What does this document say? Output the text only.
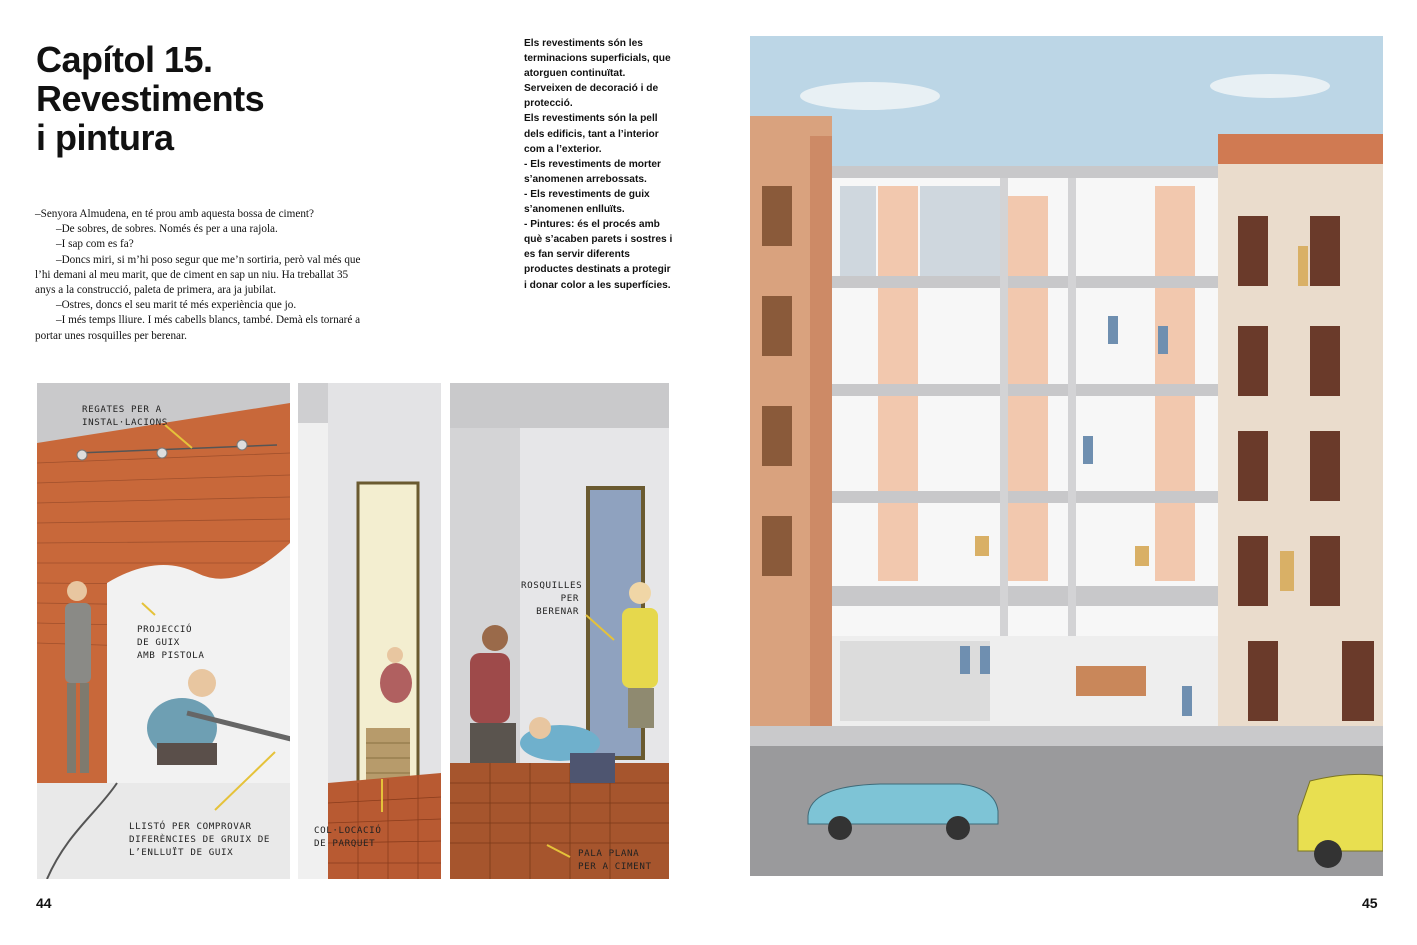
Capítol 15.
Revestiments
i pintura

–Senyora Almudena, en té prou amb aquesta bossa de ciment?

–De sobres, de sobres. Només és per a una rajola.

–I sap com es fa?

–Doncs miri, si m’hi poso segur que me’n sortiria, però val més que l’hi demani al meu marit, que de ciment en sap un niu. Ha treballat 35 anys a la construcció, paleta de primera, ara ja jubilat.

–Ostres, doncs el seu marit té més experiència que jo.

–I més temps lliure. I més cabells blancs, també. Demà els tornaré a portar unes rosquilles per berenar.

Els revestiments són les terminacions superficials, que atorguen continuïtat. Serveixen de decoració i de protecció.

Els revestiments són la pell dels edificis, tant a l’interior com a l’exterior.

- Els revestiments de morter s’anomenen arrebossats.

- Els revestiments de guix s’anomenen enlluïts.

- Pintures: és el procés amb què s’acaben parets i sostres i es fan servir diferents productes destinats a protegir i donar color a les superfícies.

REGATES PER A
INSTAL·LACIONS
PROJECCIÓ
DE GUIX
AMB PISTOLA
LLISTÓ PER COMPROVAR
DIFERÈNCIES DE GRUIX DE
L’ENLLUÏT DE GUIX
COL·LOCACIÓ
DE PARQUET
ROSQUILLES
PER
BERENAR
PALA PLANA
PER A CIMENT
44	45
